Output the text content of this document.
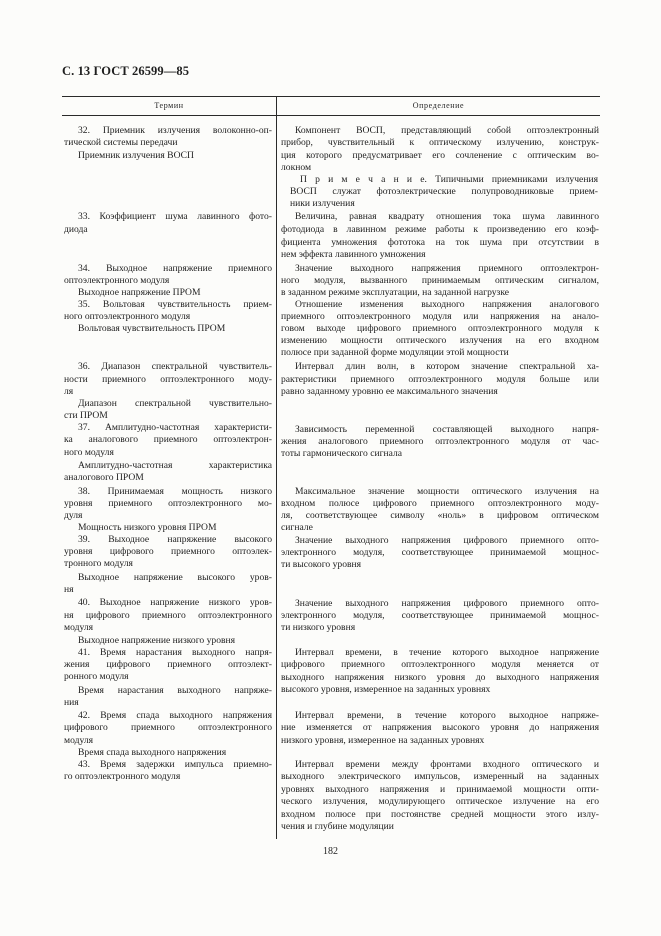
С. 13 ГОСТ 26599—85
Термин	Определение
32. Приемник излучения волоконно-оп-
тической системы передачи
Приемник излучения ВОСП
33. Коэффициент шума лавинного фото-
диода
34. Выходное напряжение приемного
оптоэлектронного модуля
Выходное напряжение ПРОМ
35. Вольтовая чувствительность прием-
ного оптоэлектронного модуля
Вольтовая чувствительность ПРОМ
36. Диапазон спектральной чувствитель-
ности приемного оптоэлектронного моду-
ля
Диапазон спектральной чувствительно-
сти ПРОМ
37. Амплитудно-частотная характеристи-
ка аналогового приемного оптоэлектрон-
ного модуля
Амплитудно-частотная характеристика
аналогового ПРОМ
38. Принимаемая мощность низкого
уровня приемного оптоэлектронного мо-
дуля
Мощность низкого уровня ПРОМ
39. Выходное напряжение высокого
уровня цифрового приемного оптоэлек-
тронного модуля
Выходное напряжение высокого уров-
ня
40. Выходное напряжение низкого уров-
ня цифрового приемного оптоэлектронного
модуля
Выходное напряжение низкого уровня
41. Время нарастания выходного напря-
жения цифрового приемного оптоэлект-
ронного модуля
Время нарастания выходного напряже-
ния
42. Время спада выходного напряжения
цифрового приемного оптоэлектронного
модуля
Время спада выходного напряжения
43. Время задержки импульса приемно-
го оптоэлектронного модуля
Компонент ВОСП, представляющий собой оптоэлектронный
прибор, чувствительный к оптическому излучению, конструк-
ция которого предусматривает его сочленение с оптическим во-
локном
П р и м е ч а н и е. Типичными приемниками излучения
ВОСП служат фотоэлектрические полупроводниковые прием-
ники излучения
Величина, равная квадрату отношения тока шума лавинного
фотодиода в лавинном режиме работы к произведению его коэф-
фициента умножения фототока на ток шума при отсутствии в
нем эффекта лавинного умножения
Значение выходного напряжения приемного оптоэлектрон-
ного модуля, вызванного принимаемым оптическим сигналом,
в заданном режиме эксплуатации, на заданной нагрузке
Отношение изменения выходного напряжения аналогового
приемного оптоэлектронного модуля или напряжения на анало-
говом выходе цифрового приемного оптоэлектронного модуля к
изменению мощности оптического излучения на его входном
полюсе при заданной форме модуляции этой мощности
Интервал длин волн, в котором значение спектральной ха-
рактеристики приемного оптоэлектронного модуля больше или
равно заданному уровню ее максимального значения
Зависимость переменной составляющей выходного напря-
жения аналогового приемного оптоэлектронного модуля от час-
тоты гармонического сигнала
Максимальное значение мощности оптического излучения на
входном полюсе цифрового приемного оптоэлектронного моду-
ля, соответствующее символу «ноль» в цифровом оптическом
сигнале
Значение выходного напряжения цифрового приемного опто-
электронного модуля, соответствующее принимаемой мощнос-
ти высокого уровня
Значение выходного напряжения цифрового приемного опто-
электронного модуля, соответствующее принимаемой мощнос-
ти низкого уровня
Интервал времени, в течение которого выходное напряжение
цифрового приемного оптоэлектронного модуля меняется от
выходного напряжения низкого уровня до выходного напряжения
высокого уровня, измеренное на заданных уровнях
Интервал времени, в течение которого выходное напряже-
ние изменяется от напряжения высокого уровня до напряжения
низкого уровня, измеренное на заданных уровнях
Интервал времени между фронтами входного оптического и
выходного электрического импульсов, измеренный на заданных
уровнях выходного напряжения и принимаемой мощности опти-
ческого излучения, модулирующего оптическое излучение на его
входном полюсе при постоянстве средней мощности этого излу-
чения и глубине модуляции
182
